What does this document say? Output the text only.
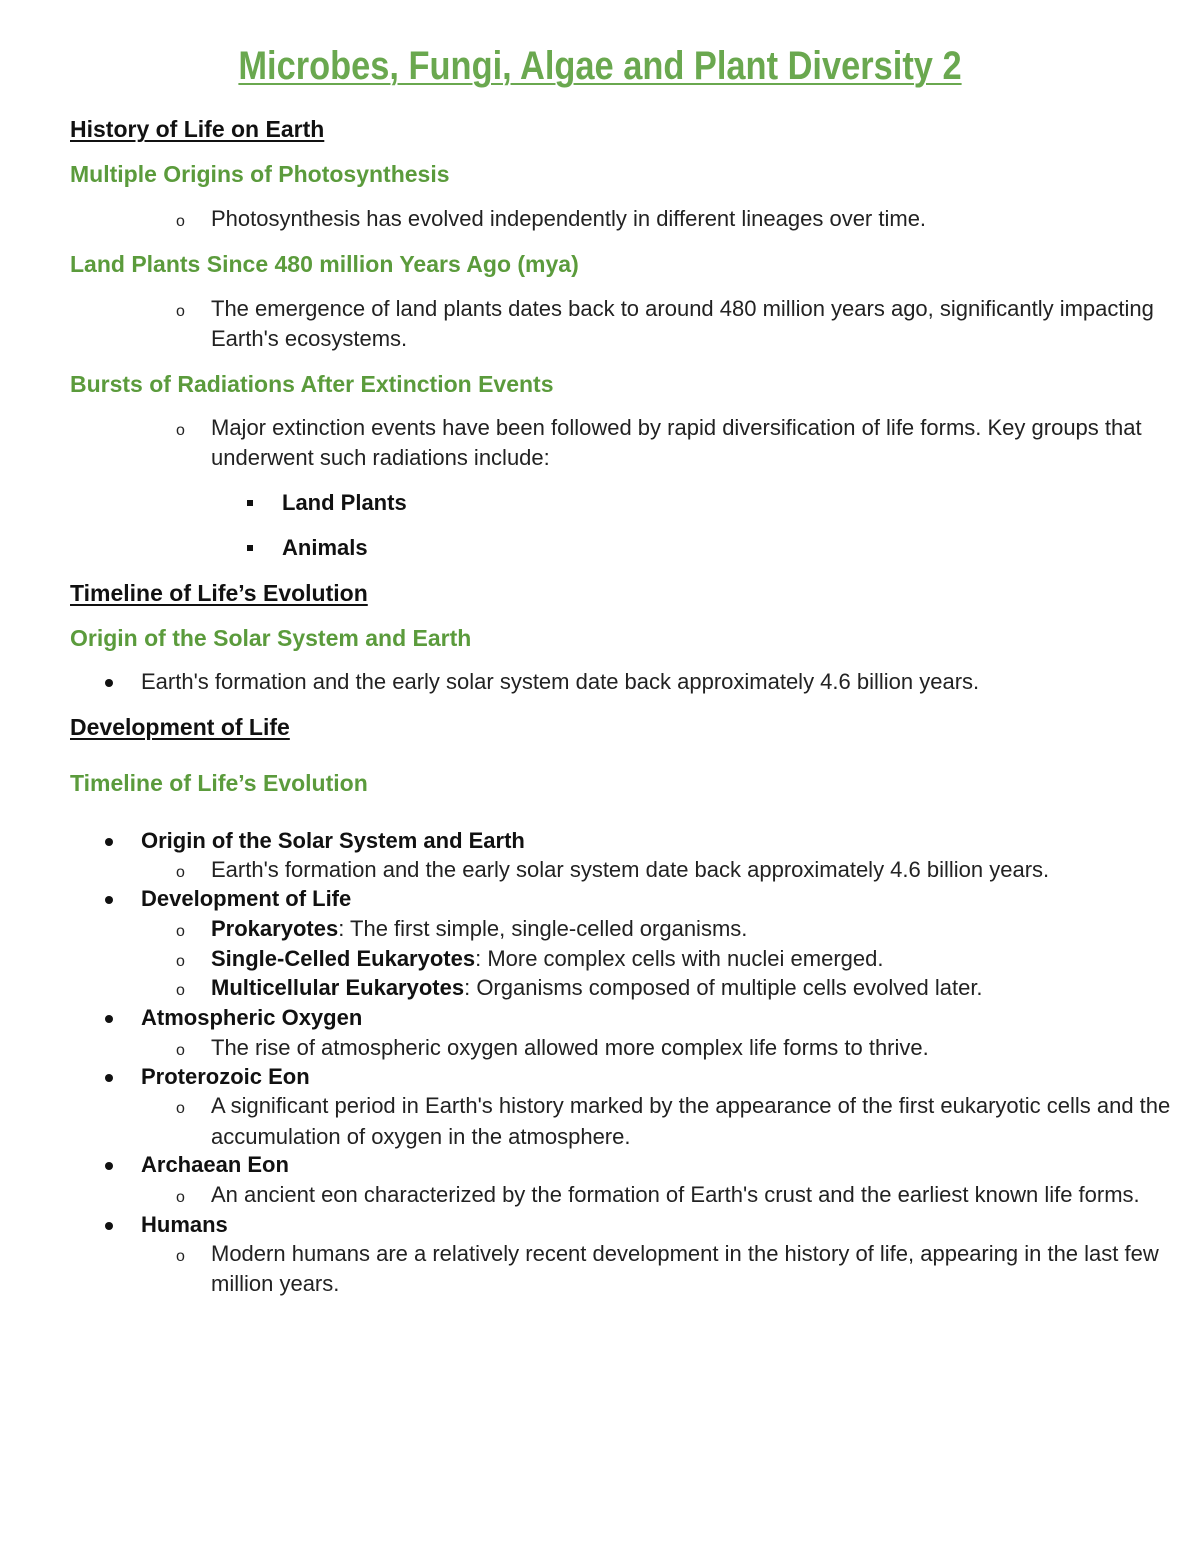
Microbes, Fungi, Algae and Plant Diversity 2
History of Life on Earth
Multiple Origins of Photosynthesis
o Photosynthesis has evolved independently in different lineages over time.
Land Plants Since 480 million Years Ago (mya)
o The emergence of land plants dates back to around 480 million years ago, significantly impacting
Earth's ecosystems.
Bursts of Radiations After Extinction Events
o Major extinction events have been followed by rapid diversification of life forms. Key groups that
underwent such radiations include:
Land Plants
Animals
Timeline of Life’s Evolution
Origin of the Solar System and Earth
Earth's formation and the early solar system date back approximately 4.6 billion years.
Development of Life
Timeline of Life’s Evolution
Origin of the Solar System and Earth
o Earth's formation and the early solar system date back approximately 4.6 billion years.
Development of Life
o Prokaryotes: The first simple, single-celled organisms.
o Single-Celled Eukaryotes: More complex cells with nuclei emerged.
o Multicellular Eukaryotes: Organisms composed of multiple cells evolved later.
Atmospheric Oxygen
o The rise of atmospheric oxygen allowed more complex life forms to thrive.
Proterozoic Eon
o A significant period in Earth's history marked by the appearance of the first eukaryotic cells and the
accumulation of oxygen in the atmosphere.
Archaean Eon
o An ancient eon characterized by the formation of Earth's crust and the earliest known life forms.
Humans
o Modern humans are a relatively recent development in the history of life, appearing in the last few
million years.
